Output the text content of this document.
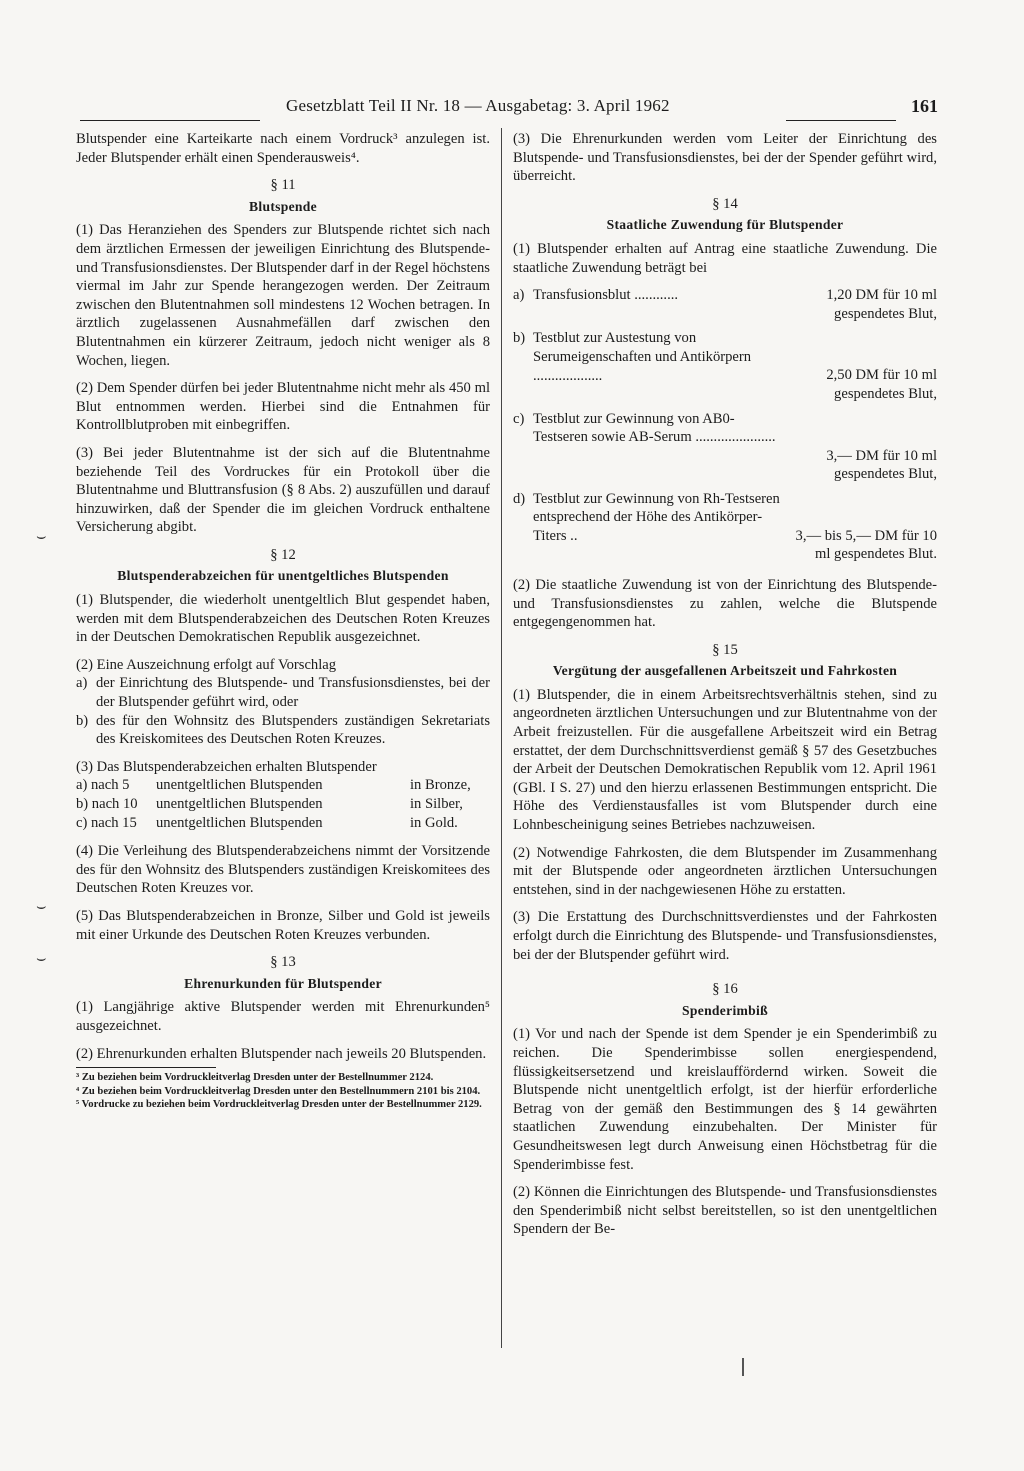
Gesetzblatt Teil II Nr. 18 — Ausgabetag: 3. April 1962	161

Blutspender eine Karteikarte nach einem Vordruck³ anzulegen ist. Jeder Blutspender erhält einen Spenderausweis⁴.

§ 11
Blutspende

(1) Das Heranziehen des Spenders zur Blutspende richtet sich nach dem ärztlichen Ermessen der jeweiligen Einrichtung des Blutspende- und Transfusionsdienstes. Der Blutspender darf in der Regel höchstens viermal im Jahr zur Spende herangezogen werden. Der Zeitraum zwischen den Blutentnahmen soll mindestens 12 Wochen betragen. In ärztlich zugelassenen Ausnahmefällen darf zwischen den Blutentnahmen ein kürzerer Zeitraum, jedoch nicht weniger als 8 Wochen, liegen.

(2) Dem Spender dürfen bei jeder Blutentnahme nicht mehr als 450 ml Blut entnommen werden. Hierbei sind die Entnahmen für Kontrollblutproben mit einbegriffen.

(3) Bei jeder Blutentnahme ist der sich auf die Blutentnahme beziehende Teil des Vordruckes für ein Protokoll über die Blutentnahme und Bluttransfusion (§ 8 Abs. 2) auszufüllen und darauf hinzuwirken, daß der Spender die im gleichen Vordruck enthaltene Versicherung abgibt.

§ 12
Blutspenderabzeichen für unentgeltliches Blutspenden

(1) Blutspender, die wiederholt unentgeltlich Blut gespendet haben, werden mit dem Blutspenderabzeichen des Deutschen Roten Kreuzes in der Deutschen Demokratischen Republik ausgezeichnet.

(2) Eine Auszeichnung erfolgt auf Vorschlag
a) der Einrichtung des Blutspende- und Transfusionsdienstes, bei der der Blutspender geführt wird, oder
b) des für den Wohnsitz des Blutspenders zuständigen Sekretariats des Kreiskomitees des Deutschen Roten Kreuzes.
(3) Das Blutspenderabzeichen erhalten Blutspender
a) nach 5	unentgeltlichen Blutspenden	in Bronze,
b) nach 10	unentgeltlichen Blutspenden	in Silber,
c) nach 15	unentgeltlichen Blutspenden	in Gold.

(4) Die Verleihung des Blutspenderabzeichens nimmt der Vorsitzende des für den Wohnsitz des Blutspenders zuständigen Kreiskomitees des Deutschen Roten Kreuzes vor.

(5) Das Blutspenderabzeichen in Bronze, Silber und Gold ist jeweils mit einer Urkunde des Deutschen Roten Kreuzes verbunden.

§ 13
Ehrenurkunden für Blutspender

(1) Langjährige aktive Blutspender werden mit Ehrenurkunden⁵ ausgezeichnet.

(2) Ehrenurkunden erhalten Blutspender nach jeweils 20 Blutspenden.

³ Zu beziehen beim Vordruckleitverlag Dresden unter der Bestellnummer 2124.
⁴ Zu beziehen beim Vordruckleitverlag Dresden unter den Bestellnummern 2101 bis 2104.
⁵ Vordrucke zu beziehen beim Vordruckleitverlag Dresden unter der Bestellnummer 2129.

(3) Die Ehrenurkunden werden vom Leiter der Einrichtung des Blutspende- und Transfusionsdienstes, bei der der Spender geführt wird, überreicht.

§ 14
Staatliche Zuwendung für Blutspender

(1) Blutspender erhalten auf Antrag eine staatliche Zuwendung. Die staatliche Zuwendung beträgt bei

a) Transfusionsblut ............	1,20 DM für 10 ml gespendetes Blut,
b) Testblut zur Austestung von Serumeigenschaften und Antikörpern ...................	2,50 DM für 10 ml gespendetes Blut,
c) Testblut zur Gewinnung von AB0-Testseren sowie AB-Serum ......................
3,— DM für 10 ml gespendetes Blut,
d) Testblut zur Gewinnung von Rh-Testseren entsprechend der Höhe des Antikörper-Titers ..	3,— bis 5,— DM für 10 ml gespendetes Blut.

(2) Die staatliche Zuwendung ist von der Einrichtung des Blutspende- und Transfusionsdienstes zu zahlen, welche die Blutspende entgegengenommen hat.

§ 15
Vergütung der ausgefallenen Arbeitszeit und Fahrkosten

(1) Blutspender, die in einem Arbeitsrechtsverhältnis stehen, sind zu angeordneten ärztlichen Untersuchungen und zur Blutentnahme von der Arbeit freizustellen. Für die ausgefallene Arbeitszeit wird ein Betrag erstattet, der dem Durchschnittsverdienst gemäß § 57 des Gesetzbuches der Arbeit der Deutschen Demokratischen Republik vom 12. April 1961 (GBl. I S. 27) und den hierzu erlassenen Bestimmungen entspricht. Die Höhe des Verdienstausfalles ist vom Blutspender durch eine Lohnbescheinigung seines Betriebes nachzuweisen.

(2) Notwendige Fahrkosten, die dem Blutspender im Zusammenhang mit der Blutspende oder angeordneten ärztlichen Untersuchungen entstehen, sind in der nachgewiesenen Höhe zu erstatten.

(3) Die Erstattung des Durchschnittsverdienstes und der Fahrkosten erfolgt durch die Einrichtung des Blutspende- und Transfusionsdienstes, bei der der Blutspender geführt wird.

§ 16
Spenderimbiß

(1) Vor und nach der Spende ist dem Spender je ein Spenderimbiß zu reichen. Die Spenderimbisse sollen energiespendend, flüssigkeitsersetzend und kreislauffördernd wirken. Soweit die Blutspende nicht unentgeltlich erfolgt, ist der hierfür erforderliche Betrag von der gemäß den Bestimmungen des § 14 gewährten staatlichen Zuwendung einzubehalten. Der Minister für Gesundheitswesen legt durch Anweisung einen Höchstbetrag für die Spenderimbisse fest.

(2) Können die Einrichtungen des Blutspende- und Transfusionsdienstes den Spenderimbiß nicht selbst bereitstellen, so ist den unentgeltlichen Spendern der Be-

⌣
⌣
⌣
